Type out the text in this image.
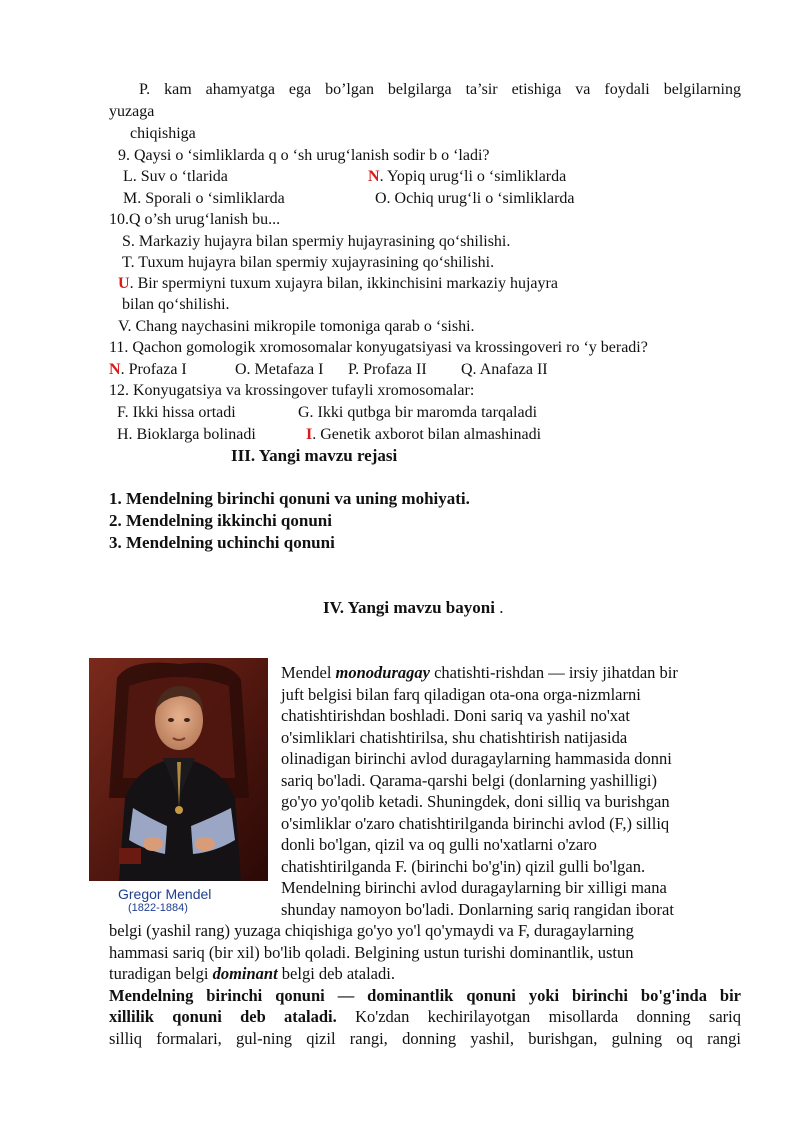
P. kam ahamyatga ega bo’lgan belgilarga ta’sir etishiga va foydali belgilarning
yuzaga
chiqishiga
9. Qaysi o ‘simliklarda q o ‘sh urug‘lanish sodir b o ‘ladi?
L. Suv o ‘tlarida	N. Yopiq urug‘li o ‘simliklarda
M. Sporali o ‘simliklarda	O. Ochiq urug‘li o ‘simliklarda
10.Q o’sh urug‘lanish bu...
S. Markaziy hujayra bilan spermiy hujayrasining qo‘shilishi.
T. Tuxum hujayra bilan spermiy xujayrasining qo‘shilishi.
U. Bir spermiyni tuxum xujayra bilan, ikkinchisini markaziy hujayra
bilan qo‘shilishi.
V. Chang naychasini mikropile tomoniga qarab o ‘sishi.
11. Qachon gomologik xromosomalar konyugatsiyasi va krossingoveri ro ‘y beradi?
N. Profaza I	O. Metafaza I P. Profaza II Q. Anafaza II
12. Konyugatsiya va krossingover tufayli xromosomalar:
F. Ikki hissa ortadi	G. Ikki qutbga bir maromda tarqaladi
H. Bioklarga bolinadi	I. Genetik axborot bilan almashinadi
III. Yangi mavzu rejasi
1. Mendelning birinchi qonuni va uning mohiyati.
2. Mendelning ikkinchi qonuni
3. Mendelning uchinchi qonuni
IV. Yangi mavzu bayoni .
Gregor Mendel
(1822-1884)
Mendel monoduragay chatishti-rishdan — irsiy jihatdan bir
juft belgisi bilan farq qiladigan ota-ona orga-nizmlarni
chatishtirishdan boshladi. Doni sariq va yashil no'xat
o'simliklari chatishtirilsa, shu chatishtirish natijasida
olinadigan birinchi avlod duragaylarning hammasida donni
sariq bo'ladi. Qarama-qarshi belgi (donlarning yashilligi)
go'yo yo'qolib ketadi. Shuningdek, doni silliq va burishgan
o'simliklar o'zaro chatishtirilganda birinchi avlod (F,) silliq
donli bo'lgan, qizil va oq gulli no'xatlarni o'zaro
chatishtirilganda F. (birinchi bo'g'in) qizil gulli bo'lgan.
Mendelning birinchi avlod duragaylarning bir xilligi mana
shunday namoyon bo'ladi. Donlarning sariq rangidan iborat
belgi (yashil rang) yuzaga chiqishiga go'yo yo'l qo'ymaydi va F, duragaylarning
hammasi sariq (bir xil) bo'lib qoladi. Belgining ustun turishi dominantlik, ustun
turadigan belgi dominant belgi deb ataladi.
Mendelning birinchi qonuni — dominantlik qonuni yoki birinchi bo'g'inda bir
xillilik qonuni deb ataladi. Ko'zdan kechirilayotgan misollarda donning sariq
silliq formalari, gul-ning qizil rangi, donning yashil, burishgan, gulning oq rangi
